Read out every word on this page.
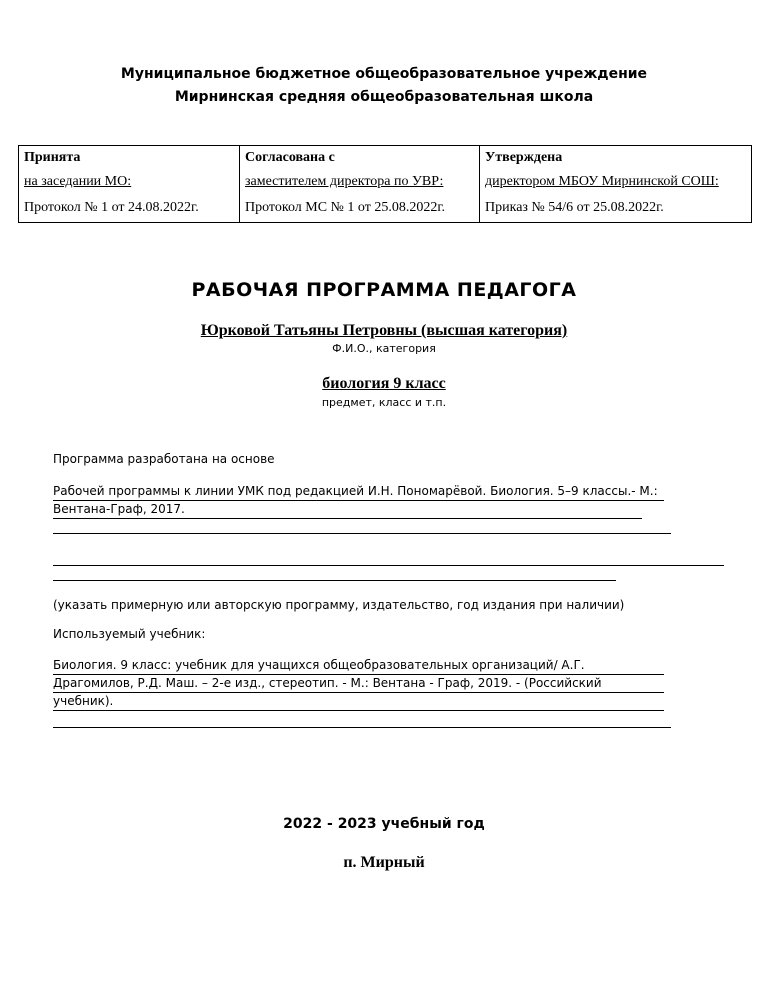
Муниципальное бюджетное общеобразовательное учреждение
Мирнинская средняя общеобразовательная школа
Принята	Согласована с	Утверждена
на заседании МО:	заместителем директора по УВР:	директором МБОУ Мирнинской СОШ:
Протокол № 1 от 24.08.2022г.	Протокол МС № 1 от 25.08.2022г.	Приказ № 54/6 от 25.08.2022г.
РАБОЧАЯ ПРОГРАММА ПЕДАГОГА
Юрковой Татьяны Петровны (высшая категория)
Ф.И.О., категория
биология 9 класс
предмет, класс и т.п.
Программа разработана на основе
Рабочей программы к линии УМК под редакцией И.Н. Пономарёвой. Биология. 5–9 классы.- М.:
Вентана-Граф, 2017.
(указать примерную или авторскую программу, издательство, год издания при наличии)
Используемый учебник:
Биология. 9 класс: учебник для учащихся общеобразовательных организаций/ А.Г.
Драгомилов, Р.Д. Маш. – 2-е изд., стереотип. - М.: Вентана - Граф, 2019. - (Российский
учебник).
2022 - 2023 учебный год
п. Мирный
